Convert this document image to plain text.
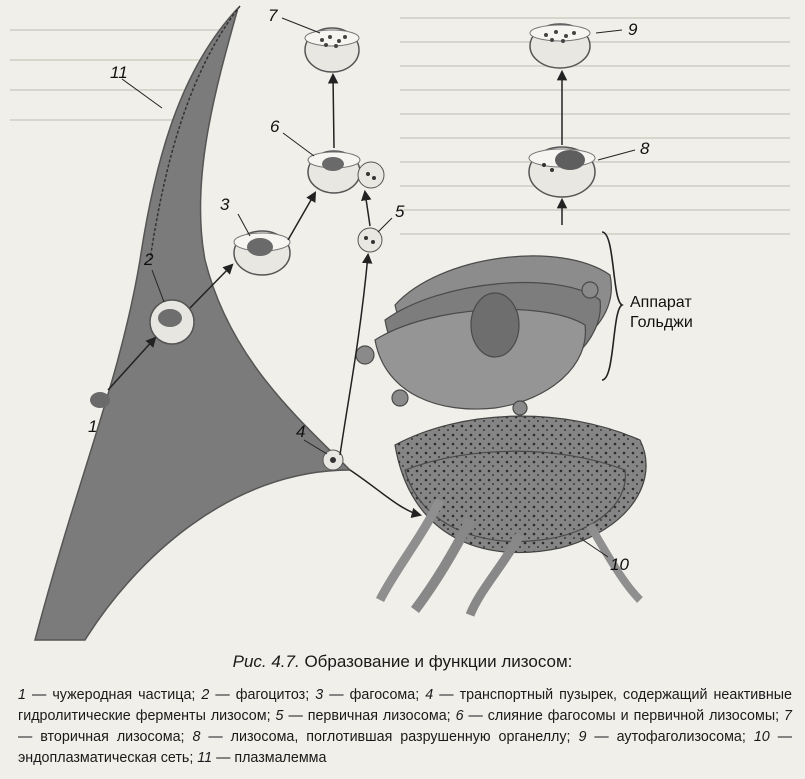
1
2
3
4
5
6
7
8
9
10
11
Аппарат
Гольджи
Рис. 4.7. Образование и функции лизосом:
1 — чужеродная частица; 2 — фагоцитоз; 3 — фагосома; 4 — транспортный пузырек, содержащий неактивные гидролитические ферменты лизосом; 5 — первичная лизосома; 6 — слияние фагосомы и первичной лизосомы; 7 — вторичная лизосома; 8 — лизосома, поглотившая разрушенную органеллу; 9 — аутофаголизосома; 10 — эндоплазматическая сеть; 11 — плазмалемма
